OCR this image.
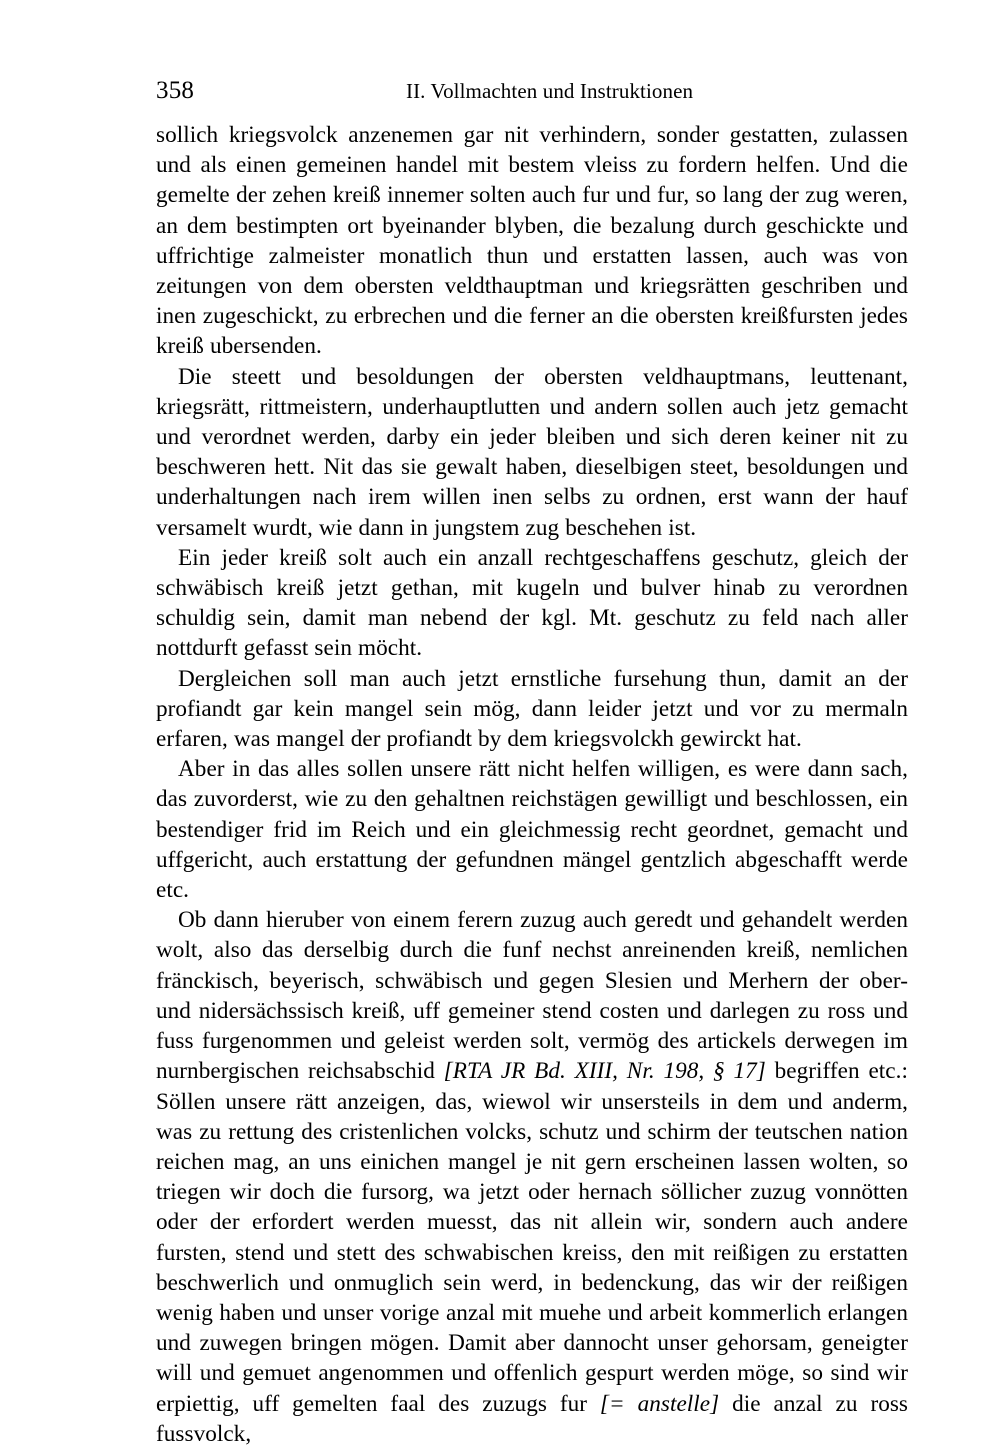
358	II. Vollmachten und Instruktionen

sollich kriegsvolck anzenemen gar nit verhindern, sonder gestatten, zulassen und als einen gemeinen handel mit bestem vleiss zu fordern helfen. Und die gemelte der zehen kreiß innemer solten auch fur und fur, so lang der zug weren, an dem bestimpten ort byeinander blyben, die bezalung durch geschickte und uffrichtige zalmeister monatlich thun und erstatten lassen, auch was von zeitungen von dem obersten veldthauptman und kriegsrätten geschriben und inen zugeschickt, zu erbrechen und die ferner an die obersten kreißfursten jedes kreiß ubersenden.

Die steett und besoldungen der obersten veldhauptmans, leuttenant, kriegsrätt, rittmeistern, underhauptlutten und andern sollen auch jetz gemacht und verordnet werden, darby ein jeder bleiben und sich deren keiner nit zu beschweren hett. Nit das sie gewalt haben, dieselbigen steet, besoldungen und underhaltungen nach irem willen inen selbs zu ordnen, erst wann der hauf versamelt wurdt, wie dann in jungstem zug beschehen ist.

Ein jeder kreiß solt auch ein anzall rechtgeschaffens geschutz, gleich der schwäbisch kreiß jetzt gethan, mit kugeln und bulver hinab zu verordnen schuldig sein, damit man nebend der kgl. Mt. geschutz zu feld nach aller nottdurft gefasst sein möcht.

Dergleichen soll man auch jetzt ernstliche fursehung thun, damit an der profiandt gar kein mangel sein mög, dann leider jetzt und vor zu mermaln erfaren, was mangel der profiandt by dem kriegsvolckh gewirckt hat.

Aber in das alles sollen unsere rätt nicht helfen willigen, es were dann sach, das zuvorderst, wie zu den gehaltnen reichstägen gewilligt und beschlossen, ein bestendiger frid im Reich und ein gleichmessig recht geordnet, gemacht und uffgericht, auch erstattung der gefundnen mängel gentzlich abgeschafft werde etc.

Ob dann hieruber von einem ferern zuzug auch geredt und gehandelt werden wolt, also das derselbig durch die funf nechst anreinenden kreiß, nemlichen fränckisch, beyerisch, schwäbisch und gegen Slesien und Merhern der ober- und nidersächssisch kreiß, uff gemeiner stend costen und darlegen zu ross und fuss furgenommen und geleist werden solt, vermög des artickels derwegen im nurnbergischen reichsabschid [RTA JR Bd. XIII, Nr. 198, § 17] begriffen etc.: Söllen unsere rätt anzeigen, das, wiewol wir unsersteils in dem und anderm, was zu rettung des cristenlichen volcks, schutz und schirm der teutschen nation reichen mag, an uns einichen mangel je nit gern erscheinen lassen wolten, so triegen wir doch die fursorg, wa jetzt oder hernach söllicher zuzug vonnötten oder der erfordert werden muesst, das nit allein wir, sondern auch andere fursten, stend und stett des schwabischen kreiss, den mit reißigen zu erstatten beschwerlich und onmuglich sein werd, in bedenckung, das wir der reißigen wenig haben und unser vorige anzal mit muehe und arbeit kommerlich erlangen und zuwegen bringen mögen. Damit aber dannocht unser gehorsam, geneigter will und gemuet angenommen und offenlich gespurt werden möge, so sind wir erpiettig, uff gemelten faal des zuzugs fur [= anstelle] die anzal zu ross fussvolck,
